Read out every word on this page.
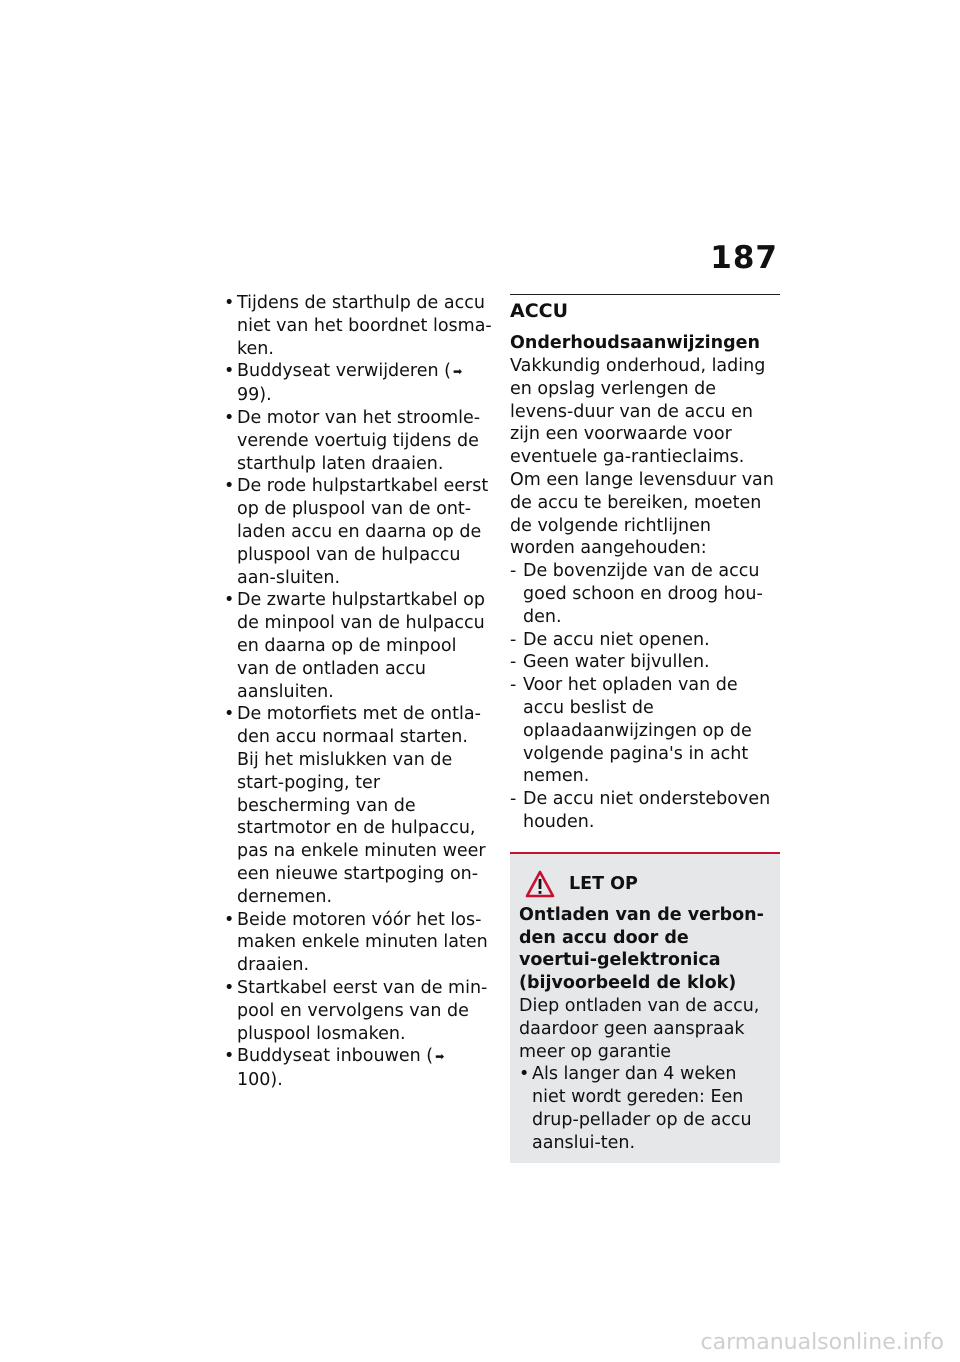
187
• Tijdens de starthulp de accu niet van het boordnet losma-ken.
• Buddyseat verwijderen ( ➡99).
• De motor van het stroomle-verende voertuig tijdens de starthulp laten draaien.
• De rode hulpstartkabel eerst op de pluspool van de ont-laden accu en daarna op de pluspool van de hulpaccu aan-sluiten.
• De zwarte hulpstartkabel op de minpool van de hulpaccu en daarna op de minpool van de ontladen accu aansluiten.
• De motorfiets met de ontla-den accu normaal starten. Bij het mislukken van de start-poging, ter bescherming van de startmotor en de hulpaccu, pas na enkele minuten weer een nieuwe startpoging on-dernemen.
• Beide motoren vóór het los-maken enkele minuten laten draaien.
• Startkabel eerst van de min-pool en vervolgens van de pluspool losmaken.
• Buddyseat inbouwen ( ➡100).
ACCU
Onderhoudsaanwijzingen

Vakkundig onderhoud, lading en opslag verlengen de levens-duur van de accu en zijn een voorwaarde voor eventuele ga-rantieclaims.

Om een lange levensduur van de accu te bereiken, moeten de volgende richtlijnen worden aangehouden:

- De bovenzijde van de accu goed schoon en droog hou-den.
- De accu niet openen.
- Geen water bijvullen.
- Voor het opladen van de accu beslist de oplaadaanwijzingen op de volgende pagina's in acht nemen.
- De accu niet ondersteboven houden.
LET OP

Ontladen van de verbon-den accu door de voertui-gelektronica (bijvoorbeeld de klok)

Diep ontladen van de accu, daardoor geen aanspraak meer op garantie

• Als langer dan 4 weken niet wordt gereden: Een drup-pellader op de accu aanslui-ten.
carmanualsonline.info
